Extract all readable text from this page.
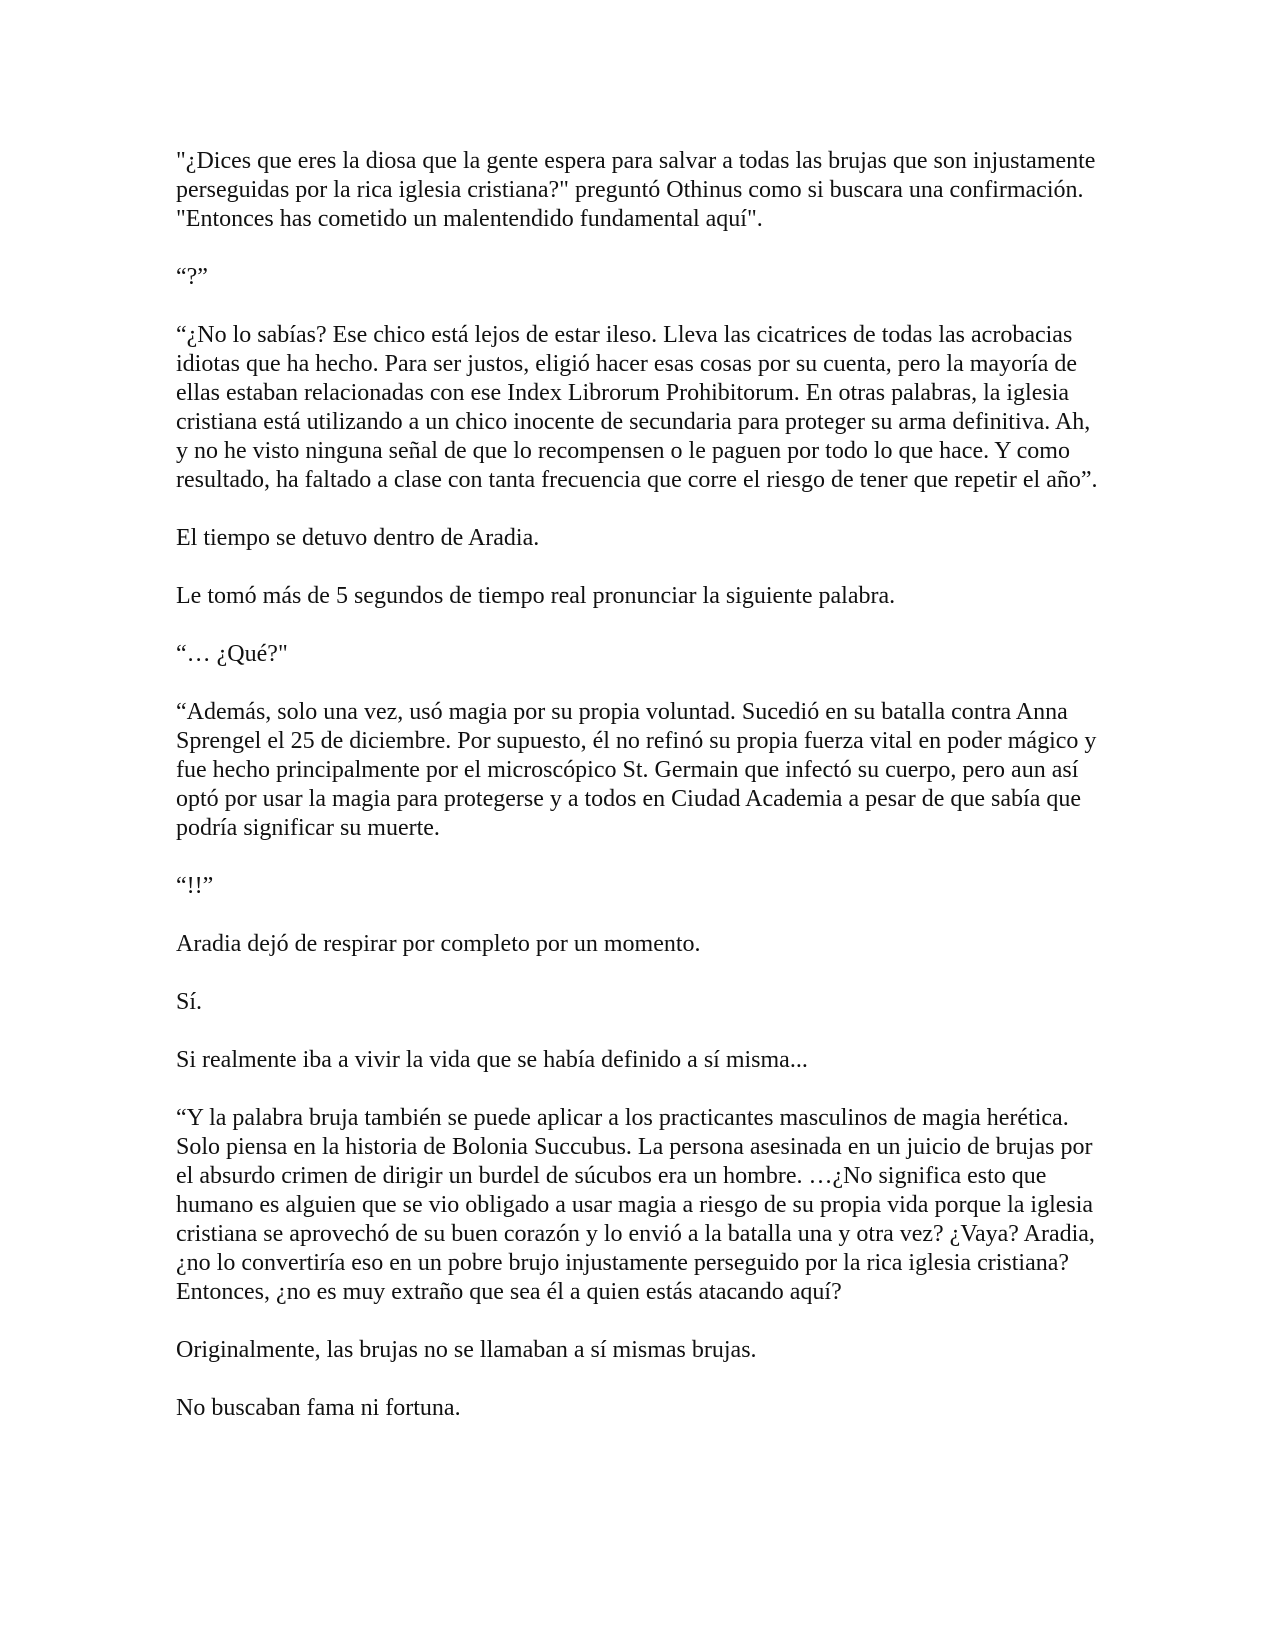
"¿Dices que eres la diosa que la gente espera para salvar a todas las brujas que son injustamente perseguidas por la rica iglesia cristiana?" preguntó Othinus como si buscara una confirmación. "Entonces has cometido un malentendido fundamental aquí".

“?”

“¿No lo sabías? Ese chico está lejos de estar ileso. Lleva las cicatrices de todas las acrobacias idiotas que ha hecho. Para ser justos, eligió hacer esas cosas por su cuenta, pero la mayoría de ellas estaban relacionadas con ese Index Librorum Prohibitorum. En otras palabras, la iglesia cristiana está utilizando a un chico inocente de secundaria para proteger su arma definitiva. Ah, y no he visto ninguna señal de que lo recompensen o le paguen por todo lo que hace. Y como resultado, ha faltado a clase con tanta frecuencia que corre el riesgo de tener que repetir el año”.

El tiempo se detuvo dentro de Aradia.

Le tomó más de 5 segundos de tiempo real pronunciar la siguiente palabra.

“… ¿Qué?"

“Además, solo una vez, usó magia por su propia voluntad. Sucedió en su batalla contra Anna Sprengel el 25 de diciembre. Por supuesto, él no refinó su propia fuerza vital en poder mágico y fue hecho principalmente por el microscópico St. Germain que infectó su cuerpo, pero aun así optó por usar la magia para protegerse y a todos en Ciudad Academia a pesar de que sabía que podría significar su muerte.

“!!”

Aradia dejó de respirar por completo por un momento.

Sí.

Si realmente iba a vivir la vida que se había definido a sí misma...

“Y la palabra bruja también se puede aplicar a los practicantes masculinos de magia herética. Solo piensa en la historia de Bolonia Succubus. La persona asesinada en un juicio de brujas por el absurdo crimen de dirigir un burdel de súcubos era un hombre. …¿No significa esto que humano es alguien que se vio obligado a usar magia a riesgo de su propia vida porque la iglesia cristiana se aprovechó de su buen corazón y lo envió a la batalla una y otra vez? ¿Vaya? Aradia, ¿no lo convertiría eso en un pobre brujo injustamente perseguido por la rica iglesia cristiana? Entonces, ¿no es muy extraño que sea él a quien estás atacando aquí?

Originalmente, las brujas no se llamaban a sí mismas brujas.

No buscaban fama ni fortuna.
